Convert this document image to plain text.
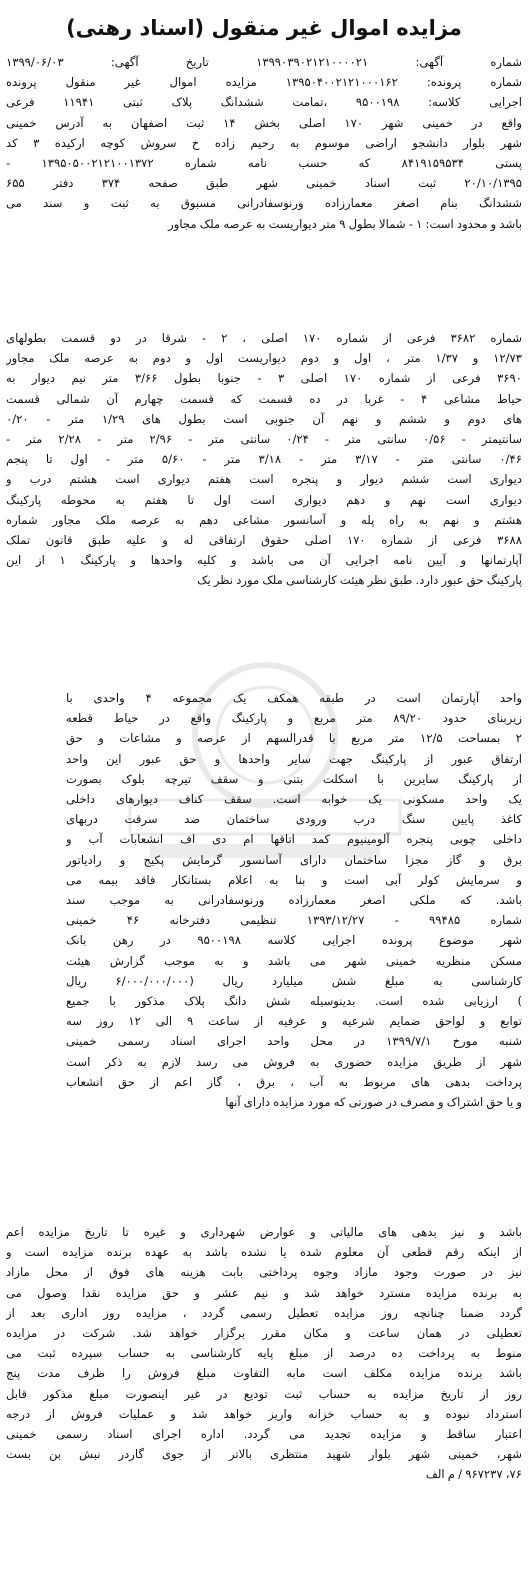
مزایده اموال غیر منقول (اسناد رهنی)
شماره آگهی: ۱۳۹۹۰۳۹۰۲۱۲۱۰۰۰۰۲۱ تاریخ آگهی: ۱۳۹۹/۰۶/۰۳
شماره پرونده: ۱۳۹۵۰۴۰۰۲۱۲۱۰۰۰۱۶۲ مزایده اموال غیر منقول پرونده
اجرایی کلاسه: ۹۵۰۰۱۹۸ ،تمامت ششدانگ پلاک ثبتی ۱۱۹۴۱ فرعی
واقع در خمینی شهر ۱۷۰ اصلی بخش ۱۴ ثبت اصفهان به آدرس خمینی
شهر بلوار دانشجو اراضی موسوم به رحیم زاده خ سروش کوچه ارکیده ۳ کد
پستی ۸۴۱۹۱۵۹۵۳۴ که حسب نامه شماره ۱۳۹۵۰۵۰۰۲۱۲۱۰۰۱۳۷۲ -
۲۰/۱۰/۱۳۹۵ ثبت اسناد خمینی شهر طبق صفحه ۳۷۴ دفتر ۶۵۵
ششدانگ بنام اصغر معمارزاده ورنوسفادرانی مسبوق به ثبت و سند می
باشد و محدود است: ۱ - شمالا بطول ۹ متر دیواریست به عرصه ملک مجاور
شماره ۳۶۸۲ فرعی از شماره ۱۷۰ اصلی ، ۲ - شرقا در دو قسمت بطولهای
۱۲/۷۳ و ۱/۳۷ متر ، اول و دوم دیواریست اول و دوم به عرصه ملک مجاور
۳۶۹۰ فرعی از شماره ۱۷۰ اصلی ۳ - جنوبا بطول ۳/۶۶ متر نیم دیوار به
حیاط مشاعی ۴ - غربا در ده قسمت که قسمت چهارم آن شمالی قسمت
های دوم و ششم و نهم آن جنوبی است بطول های ۱/۲۹ متر - ۰/۲۰
سانتیمتر - ۰/۵۶ سانتی متر - ۰/۲۴ سانتی متر - ۲/۹۶ متر - ۲/۲۸ متر -
۰/۴۶ سانتی متر - ۳/۱۷ متر - ۳/۱۸ متر - ۵/۶۰ متر - اول تا پنجم
دیواری است ششم دیوار و پنجره است هفتم دیواری است هشتم درب و
دیواری است نهم و دهم دیواری است اول تا هفتم به محوطه پارکینگ
هشتم و نهم به راه پله و آسانسور مشاعی دهم به عرصه ملک مجاور شماره
۳۶۸۸ فرعی از شماره ۱۷۰ اصلی حقوق ارتفاقی له و علیه طبق قانون تملک
آپارتمانها و آیین نامه اجرایی آن می باشد و کلیه واحدها و پارکینگ ۱ از این
پارکینگ حق عبور دارد. طبق نظر هیئت کارشناسی ملک مورد نظر یک
واحد آپارتمان است در طبقه همکف یک مجموعه ۴ واحدی با
زیربنای حدود ۸۹/۲۰ متر مربع و پارکینگ واقع در حیاط قطعه
۲ بمساحت ۱۲/۵ متر مربع با قدرالسهم از عرصه و مشاعات و حق
ارتفاق عبور از پارکینگ جهت سایر واحدها و حق عبور این واحد
از پارکینگ سایرین با اسکلت بتنی و سقف تیرچه بلوک بصورت
یک واحد مسکونی یک خوابه است. سقف کناف دیوارهای داخلی
کاغذ پایین سنگ درب ورودی ساختمان ضد سرقت دربهای
داخلی چوبی پنجره آلومینیوم کمد اتاقها ام دی اف انشعابات آب و
برق و گاز مجزا ساختمان دارای آسانسور گرمایش پکیج و رادیاتور
و سرمایش کولر آبی است و بنا به اعلام بستانکار فاقد بیمه می
باشد. که ملکی اصغر معمارزاده ورنوسفادرانی به موجب سند
شماره ۹۹۴۸۵ - ۱۳۹۳/۱۲/۲۷ تنظیمی دفترخانه ۴۶ خمینی
شهر موضوع پرونده اجرایی کلاسه ۹۵۰۰۱۹۸ در رهن بانک
مسکن منظریه خمینی شهر می باشد و به موجب گزارش هیئت
کارشناسی به مبلغ شش میلیارد ریال (۶/۰۰۰/۰۰۰/۰۰۰ ریال
) ارزیابی شده است. بدینوسیله شش دانگ پلاک مذکور با جمیع
توابع و لواحق ضمایم شرعیه و عرفیه از ساعت ۹ الی ۱۲ روز سه
شنبه مورخ ۱۳۹۹/۷/۱ در محل واحد اجرای اسناد رسمی خمینی
شهر از طریق مزایده حضوری به فروش می رسد لازم به ذکر است
پرداخت بدهی های مربوط به آب ، برق ، گاز اعم از حق انشعاب
و یا حق اشتراک و مصرف در صورتی که مورد مزایده دارای آنها
باشد و نیز بدهی های مالیاتی و عوارض شهرداری و غیره تا تاریخ مزایده اعم
از اینکه رقم قطعی آن معلوم شده یا نشده باشد به عهده برنده مزایده است و
نیز در صورت وجود مازاد وجوه پرداختی بابت هزینه های فوق از محل مازاد
به برنده مزایده مسترد خواهد شد و نیم عشر و حق مزایده نقدا وصول می
گردد ضمنا چنانچه روز مزایده تعطیل رسمی گردد ، مزایده روز اداری بعد از
تعطیلی در همان ساعت و مکان مقرر برگزار خواهد شد. شرکت در مزایده
منوط به پرداخت ده درصد از مبلغ پایه کارشناسی به حساب سپرده ثبت می
باشد برنده مزایده مکلف است مابه التفاوت مبلغ فروش را ظرف مدت پنج
روز از تاریخ مزایده به حساب ثبت تودیع در غیر اینصورت مبلغ مذکور قابل
استرداد نبوده و به حساب خزانه واریز خواهد شد و عملیات فروش از درجه
اعتبار ساقط و مزایده تجدید می گردد. اداره اجرای اسناد رسمی خمینی
شهر، خمینی شهر بلوار شهید منتظری بالاتر از جوی گاردر نبش بن بست
۷۶، ۹۶۷۲۳۷ / م الف
